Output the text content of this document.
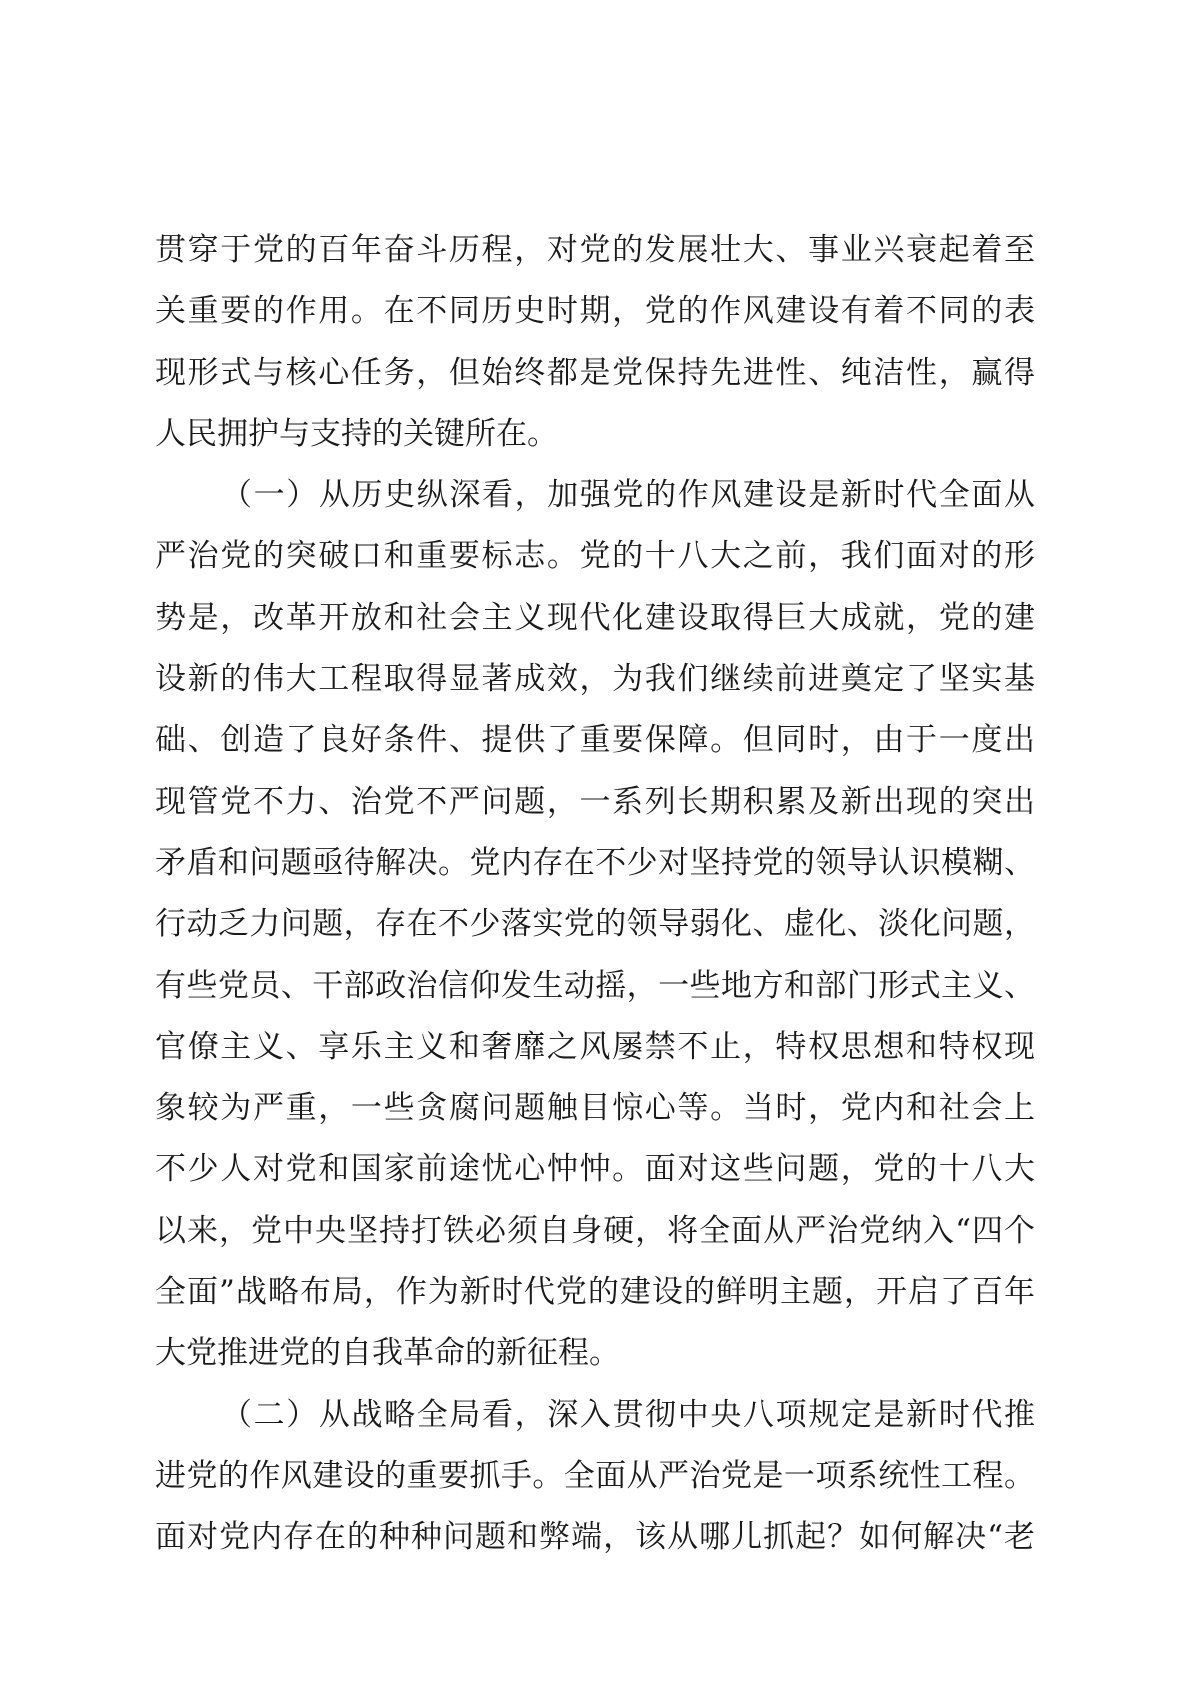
贯穿于党的百年奋斗历程，对党的发展壮大、事业兴衰起着至
关重要的作用。在不同历史时期，党的作风建设有着不同的表
现形式与核心任务，但始终都是党保持先进性、纯洁性，赢得
人民拥护与支持的关键所在。
（一）从历史纵深看，加强党的作风建设是新时代全面从
严治党的突破口和重要标志。党的十八大之前，我们面对的形
势是，改革开放和社会主义现代化建设取得巨大成就，党的建
设新的伟大工程取得显著成效，为我们继续前进奠定了坚实基
础、创造了良好条件、提供了重要保障。但同时，由于一度出
现管党不力、治党不严问题，一系列长期积累及新出现的突出
矛盾和问题亟待解决。党内存在不少对坚持党的领导认识模糊、
行动乏力问题，存在不少落实党的领导弱化、虚化、淡化问题，
有些党员、干部政治信仰发生动摇，一些地方和部门形式主义、
官僚主义、享乐主义和奢靡之风屡禁不止，特权思想和特权现
象较为严重，一些贪腐问题触目惊心等。当时，党内和社会上
不少人对党和国家前途忧心忡忡。面对这些问题，党的十八大
以来，党中央坚持打铁必须自身硬，将全面从严治党纳入“四个
全面”战略布局，作为新时代党的建设的鲜明主题，开启了百年
大党推进党的自我革命的新征程。
（二）从战略全局看，深入贯彻中央八项规定是新时代推
进党的作风建设的重要抓手。全面从严治党是一项系统性工程。
面对党内存在的种种问题和弊端，该从哪儿抓起？如何解决“老
